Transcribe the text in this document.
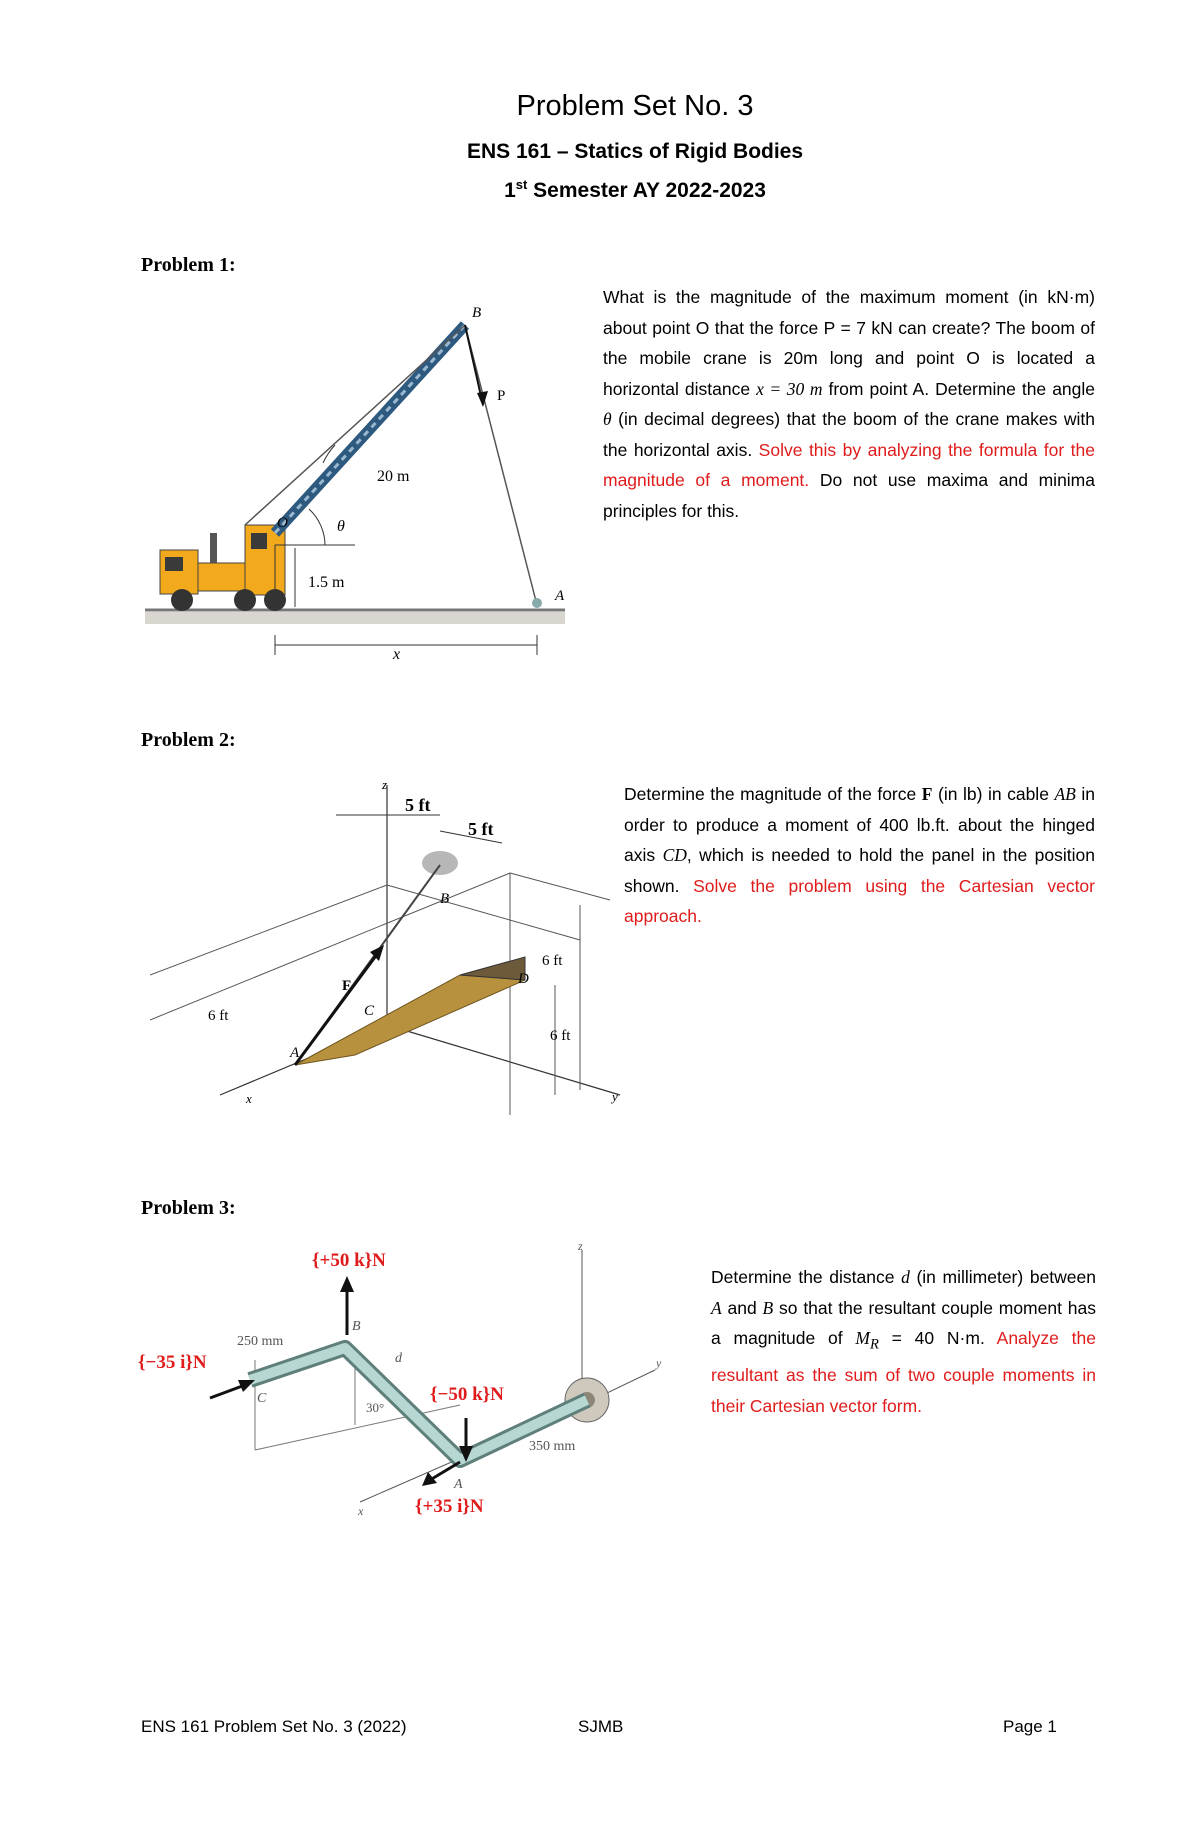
Problem Set No. 3
ENS 161 – Statics of Rigid Bodies
1st Semester AY 2022-2023
Problem 1:
B
P
O
A
20 m
θ
1.5 m
x
What is the magnitude of the maximum moment (in kN·m) about point O that the force P = 7 kN can create? The boom of the mobile crane is 20m long and point O is located a horizontal distance x = 30 m from point A. Determine the angle θ (in decimal degrees) that the boom of the crane makes with the horizontal axis. Solve this by analyzing the formula for the magnitude of a moment. Do not use maxima and minima principles for this.
Problem 2:
z
5 ft
5 ft
B
6 ft
6 ft
6 ft
D
C
F
A
x	y
Determine the magnitude of the force F (in lb) in cable AB in order to produce a moment of 400 lb.ft. about the hinged axis CD, which is needed to hold the panel in the position shown. Solve the problem using the Cartesian vector approach.
Problem 3:
{+50 k}N
{−35 i}N
{−50 k}N
{+35 i}N
250 mm
350 mm
30°
B
C
d
A
x
y
z
Determine the distance d (in millimeter) between A and B so that the resultant couple moment has a magnitude of $M_R = 40$ N·m. Analyze the resultant as the sum of two couple moments in their Cartesian vector form.
ENS 161 Problem Set No. 3 (2022)	SJMB	Page 1
